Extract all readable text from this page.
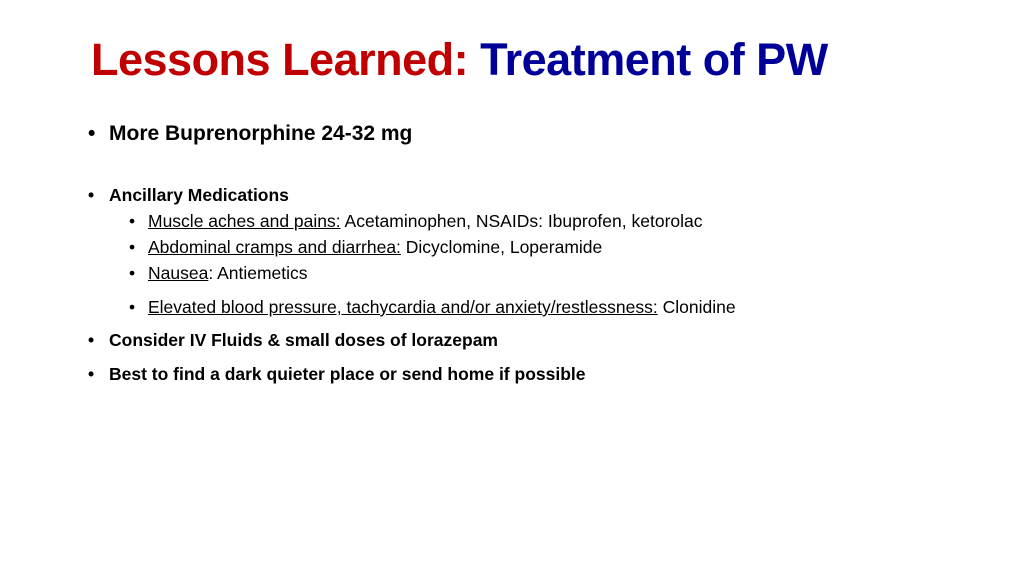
Lessons Learned: Treatment of PW
• More Buprenorphine 24-32 mg
• Ancillary Medications
• Muscle aches and pains: Acetaminophen, NSAIDs: Ibuprofen, ketorolac
• Abdominal cramps and diarrhea: Dicyclomine, Loperamide
• Nausea: Antiemetics
• Elevated blood pressure, tachycardia and/or anxiety/restlessness: Clonidine
• Consider IV Fluids & small doses of lorazepam
• Best to find a dark quieter place or send home if possible
